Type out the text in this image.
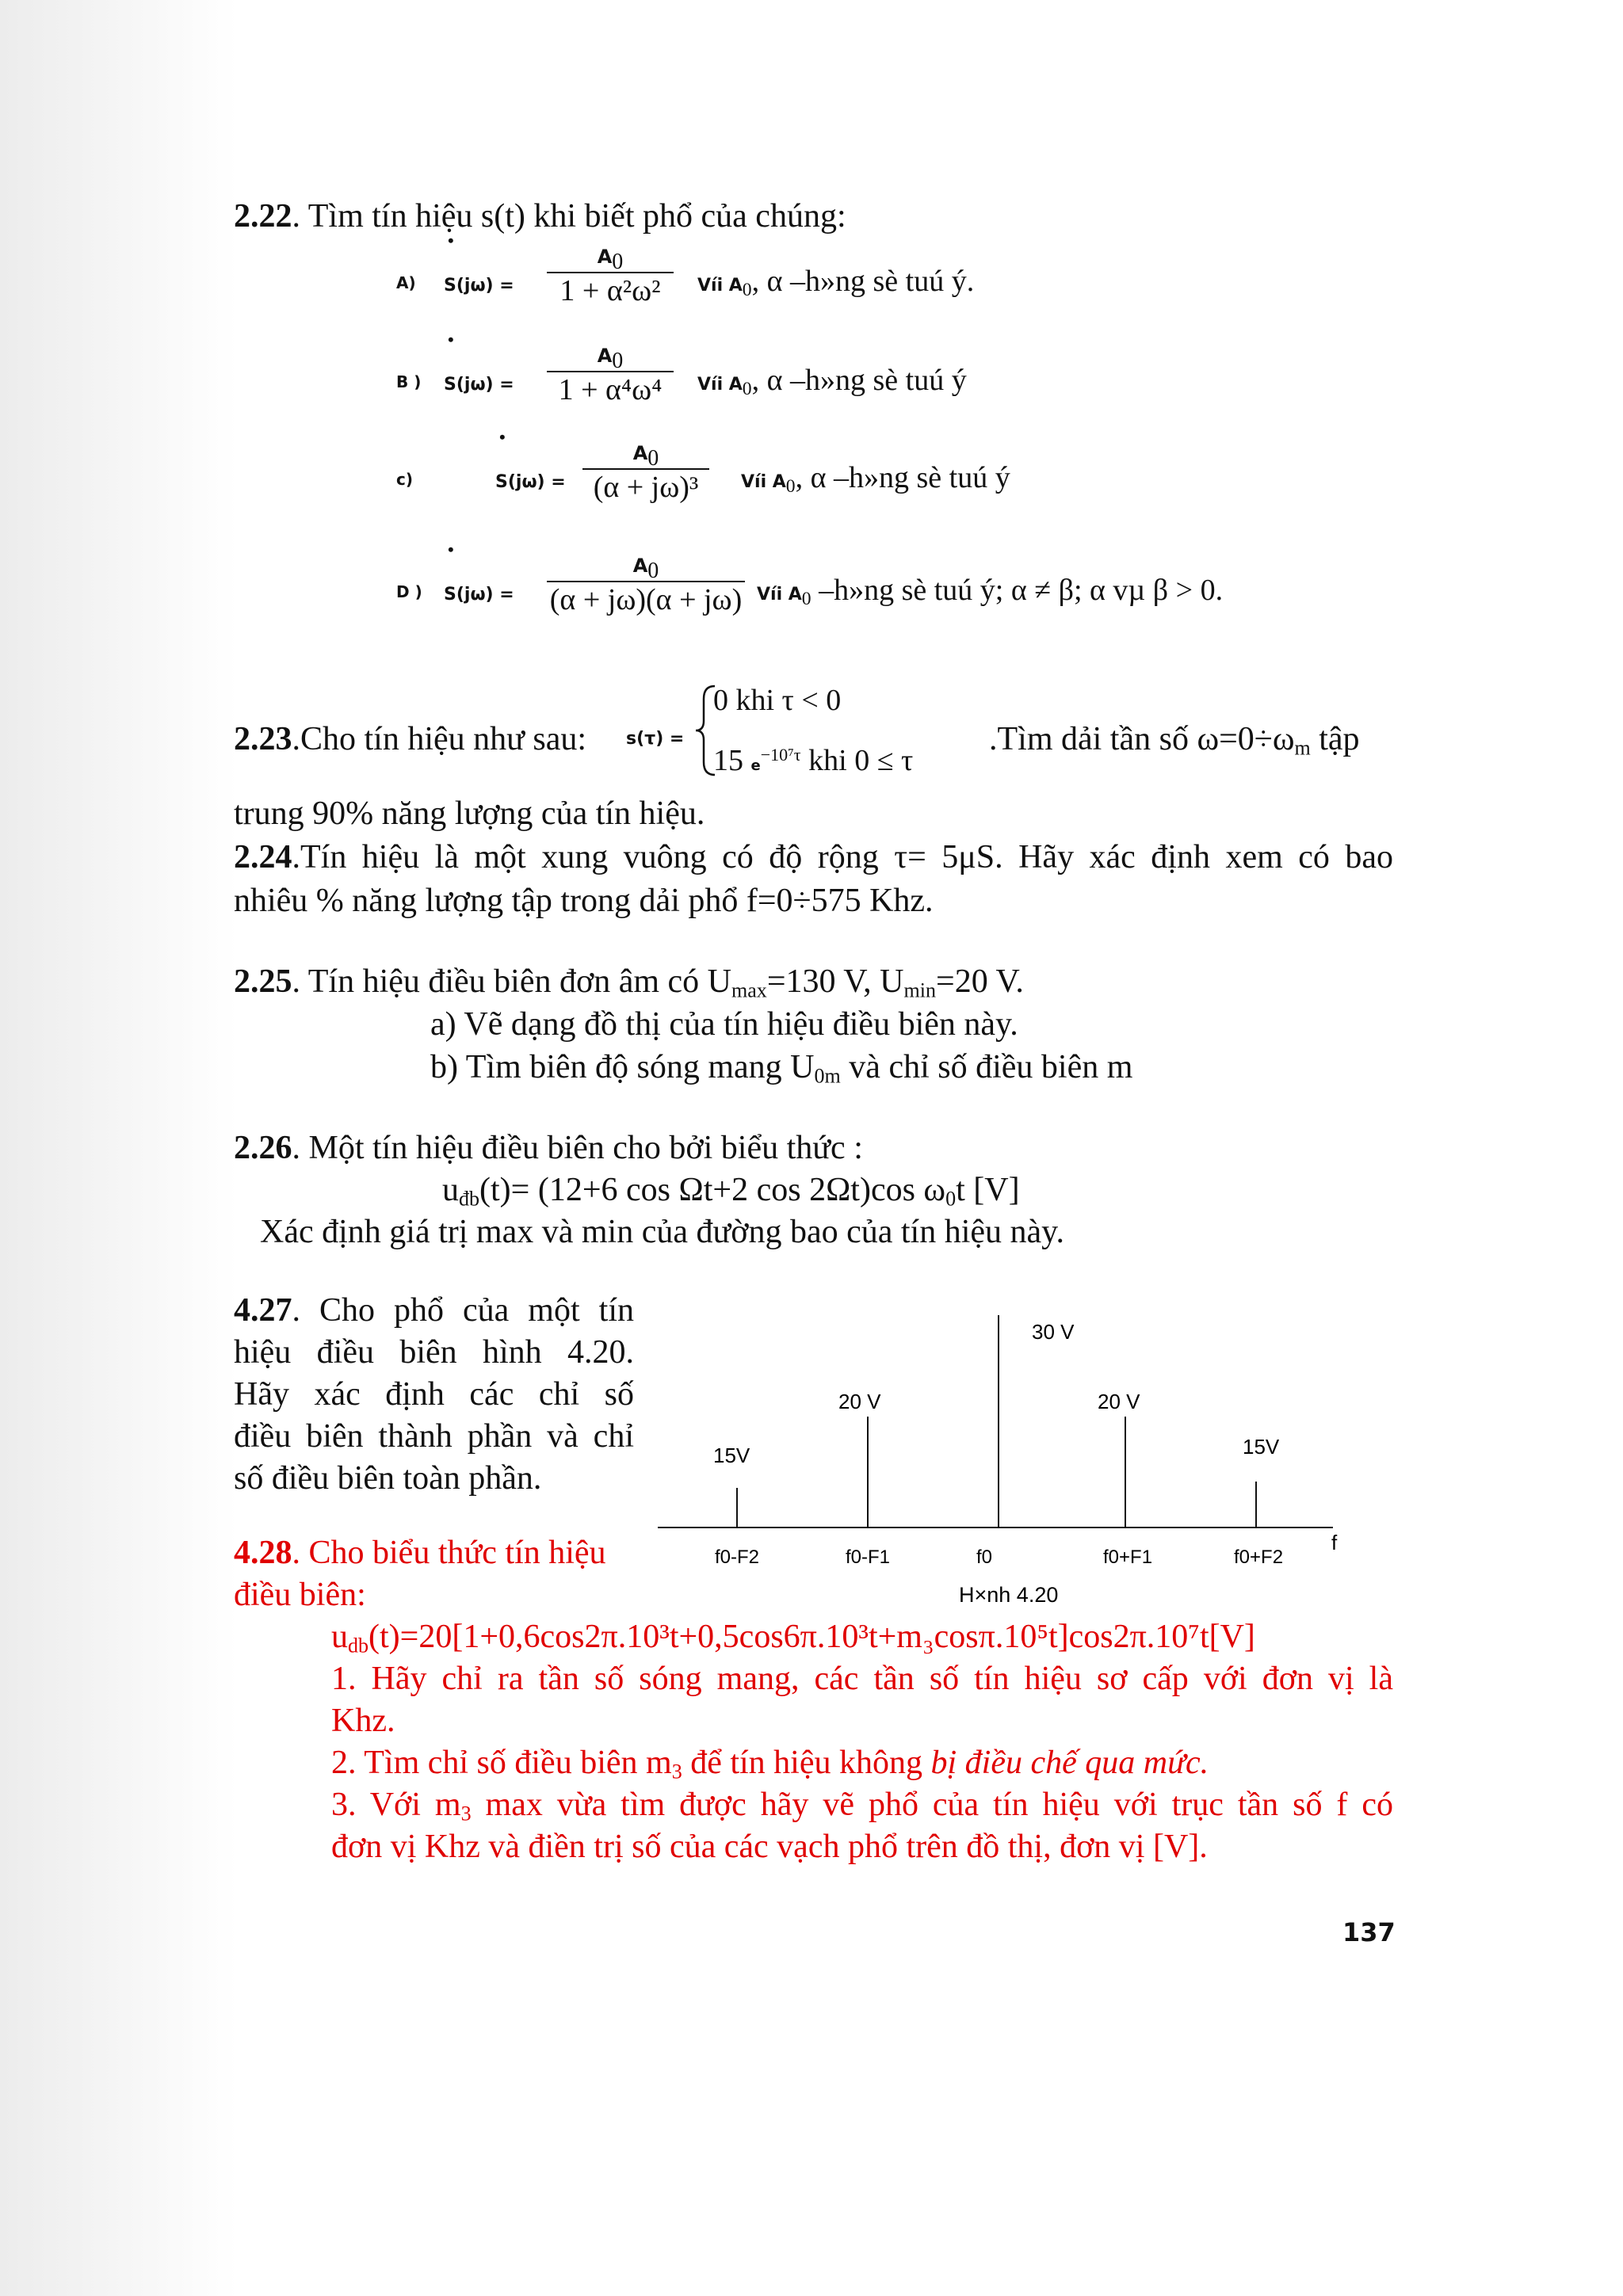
2.22. Tìm tín hiệu s(t) khi biết phổ của chúng:
A)
•
S(jω) =
$A_0$
1 + α²ω²	Víi $A_0$, α –h»ng sè tuú ý.
B )
•
S(jω) =
$A_0$
1 + α⁴ω⁴	Víi $A_0$, α –h»ng sè tuú ý
c)
•
S(jω) =
$A_0$
(α + jω)³	Víi $A_0$, α –h»ng sè tuú ý
D )
•
S(jω) =
$A_0$
(α + jω)(α + jω) Víi $A_0$ –h»ng sè tuú ý; α ≠ β; α vµ β > 0.
2.23.Cho tín hiệu như sau: s(τ) =
0 khi τ < 0
15 $e^{-10^7\tau}$ khi 0 ≤ τ
.Tìm dải tần số $\omega=0\div\omega_m$ tập
trung 90% năng lượng của tín hiệu.
2.24.Tín hiệu là một xung vuông có độ rộng τ= 5μS. Hãy xác định xem có bao
nhiêu % năng lượng tập trong dải phổ f=0÷575 Khz.
2.25. Tín hiệu điều biên đơn âm có $U_{max}=130$ V, $U_{min}=20$ V.
a) Vẽ dạng đồ thị của tín hiệu điều biên này.
b) Tìm biên độ sóng mang $U_{0m}$ và chỉ số điều biên m
2.26. Một tín hiệu điều biên cho bởi biểu thức :
$u_{đb}(t)= (12+6$ cos Ωt+2 cos 2Ωt)cos $\omega_0t$ [V]
Xác định giá trị max và min của đường bao của tín hiệu này.
4.27. Cho phổ của một tín
hiệu điều biên hình 4.20.
Hãy xác định các chỉ số
điều biên thành phần và chỉ
số điều biên toàn phần.
15V
f0-F2
20 V
f0-F1
30 V
f0
20 V
f0+F1
15V
f0+F2
f
H×nh 4.20
4.28. Cho biểu thức tín hiệu
điều biên:
$u_{db}(t)=20[1+0,6\cos 2\pi.10^3t+0,5\cos 6\pi.10^3t+m_3\cos\pi.10^5t]\cos 2\pi.10^7t[V]$
1. Hãy chỉ ra tần số sóng mang, các tần số tín hiệu sơ cấp với đơn vị là
Khz.
2. Tìm chỉ số điều biên $m_3$ để tín hiệu không bị điều chế qua mức.
3. Với $m_3$ max vừa tìm được hãy vẽ phổ của tín hiệu với trục tần số f có
đơn vị Khz và điền trị số của các vạch phổ trên đồ thị, đơn vị [V].
137
